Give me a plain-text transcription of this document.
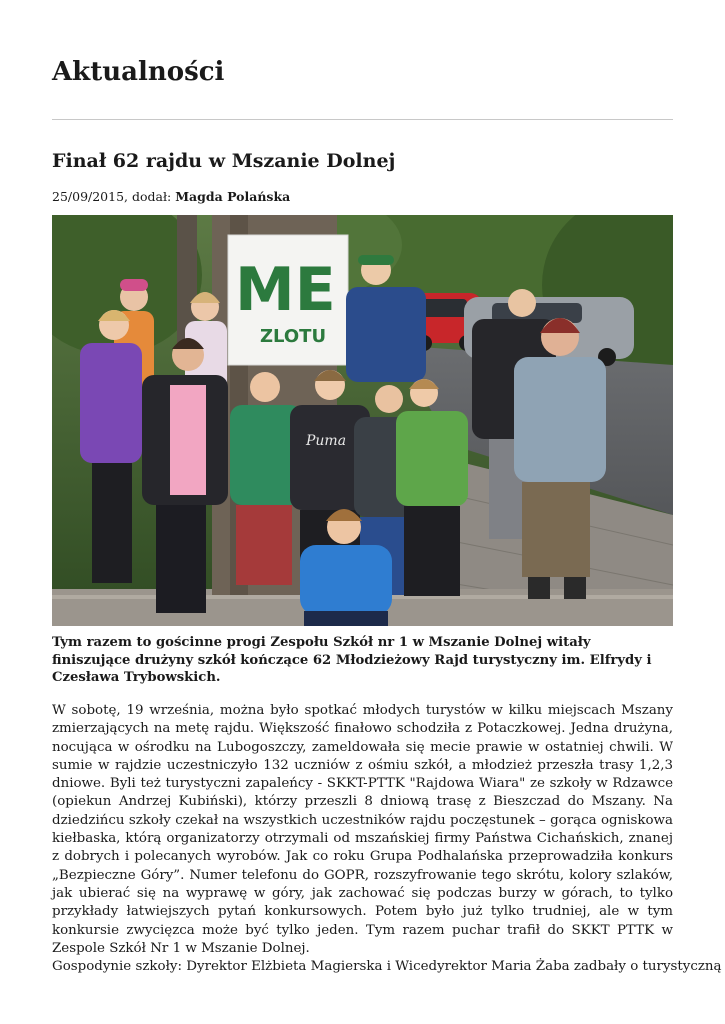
Aktualności
Finał 62 rajdu w Mszanie Dolnej
25/09/2015, dodał: Magda Polańska
ME
ZLOTU
Puma

Tym razem to gościnne progi Zespołu Szkół nr 1 w Mszanie Dolnej witały finiszujące drużyny szkół kończące 62 Młodzieżowy Rajd turystyczny im. Elfrydy i Czesława Trybowskich.

W sobotę, 19 września, można było spotkać młodych turystów w kilku miejscach Mszany zmierzających na metę rajdu. Większość finałowo schodziła z Potaczkowej. Jedna drużyna, nocująca w ośrodku na Lubogoszczy, zameldowała się mecie prawie w ostatniej chwili. W sumie w rajdzie uczestniczyło 132 uczniów z ośmiu szkół, a młodzież przeszła trasy 1,2,3 dniowe. Byli też turystyczni zapaleńcy - SKKT-PTTK "Rajdowa Wiara" ze szkoły w Rdzawce (opiekun Andrzej Kubiński), którzy przeszli 8 dniową trasę z Bieszczad do Mszany. Na dziedzińcu szkoły czekał na wszystkich uczestników rajdu poczęstunek – gorąca ogniskowa kiełbaska, którą organizatorzy otrzymali od mszańskiej firmy Państwa Cichańskich, znanej z dobrych i polecanych wyrobów. Jak co roku Grupa Podhalańska przeprowadziła konkurs „Bezpieczne Góry”. Numer telefonu do GOPR, rozszyfrowanie tego skrótu, kolory szlaków, jak ubierać się na wyprawę w góry, jak zachować się podczas burzy w górach, to tylko przykłady łatwiejszych pytań konkursowych. Potem było już tylko trudniej, ale w tym konkursie zwycięzca może być tylko jeden. Tym razem puchar trafił do SKKT PTTK w Zespole Szkół Nr 1 w Mszanie Dolnej.

Gospodynie szkoły: Dyrektor Elżbieta Magierska i Wicedyrektor Maria Żaba zadbały o turystyczną
